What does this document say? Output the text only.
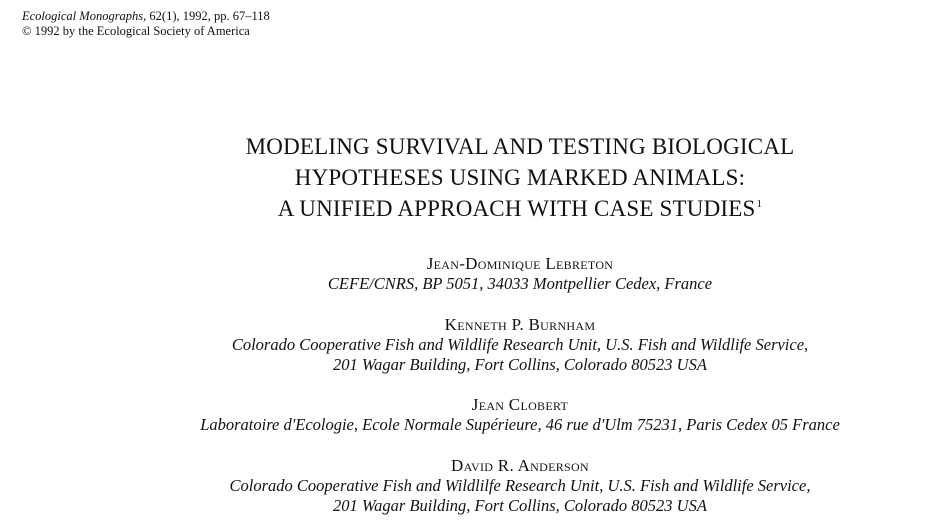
Ecological Monographs, 62(1), 1992, pp. 67–118
© 1992 by the Ecological Society of America
MODELING SURVIVAL AND TESTING BIOLOGICAL
HYPOTHESES USING MARKED ANIMALS:
A UNIFIED APPROACH WITH CASE STUDIES$^1$
Jean-Dominique Lebreton
CEFE/CNRS, BP 5051, 34033 Montpellier Cedex, France
Kenneth P. Burnham
Colorado Cooperative Fish and Wildlife Research Unit, U.S. Fish and Wildlife Service,
201 Wagar Building, Fort Collins, Colorado 80523 USA
Jean Clobert
Laboratoire d'Ecologie, Ecole Normale Supérieure, 46 rue d'Ulm 75231, Paris Cedex 05 France
David R. Anderson
Colorado Cooperative Fish and Wildlilfe Research Unit, U.S. Fish and Wildlife Service,
201 Wagar Building, Fort Collins, Colorado 80523 USA
